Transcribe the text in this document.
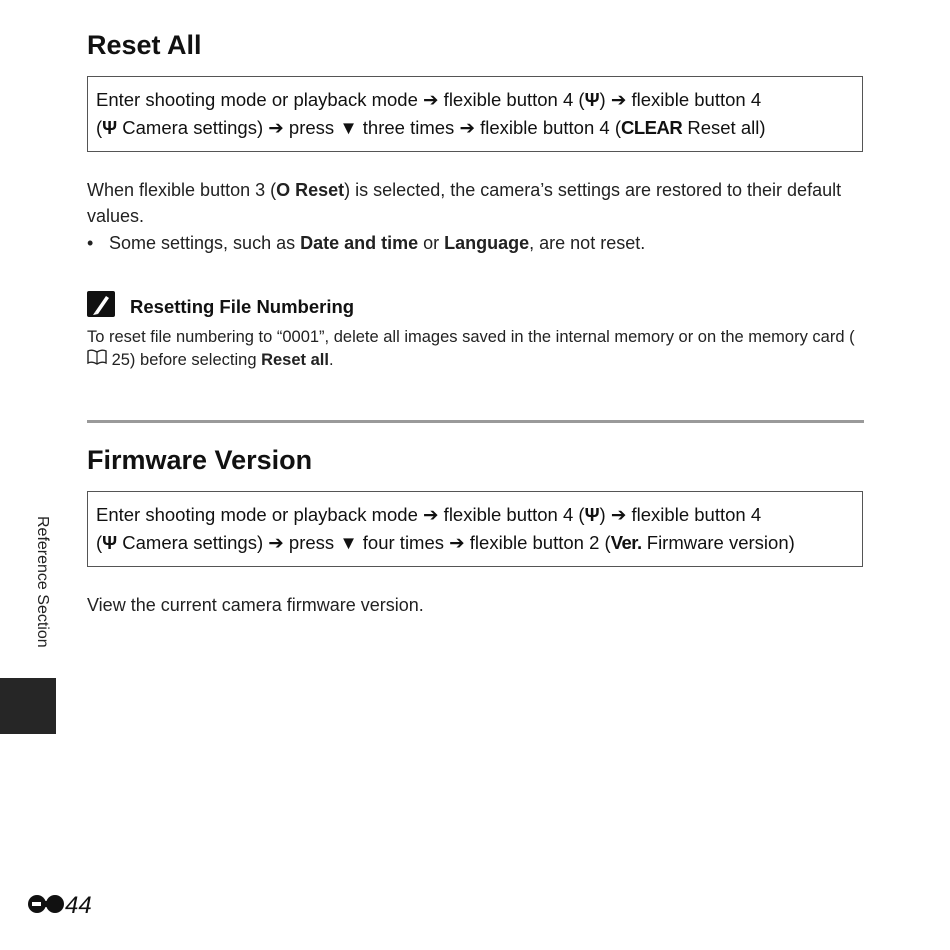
Reset All
Enter shooting mode or playback mode ➔ flexible button 4 (Ψ) ➔ flexible button 4
(Ψ Camera settings) ➔ press ▼ three times ➔ flexible button 4 (CLEAR Reset all)
When flexible button 3 (O Reset) is selected, the camera’s settings are restored to their default values.
• Some settings, such as Date and time or Language, are not reset.
Resetting File Numbering
To reset file numbering to “0001”, delete all images saved in the internal memory or on the memory card ( 25) before selecting Reset all.
Firmware Version
Enter shooting mode or playback mode ➔ flexible button 4 (Ψ) ➔ flexible button 4
(Ψ Camera settings) ➔ press ▼ four times ➔ flexible button 2 (Ver. Firmware version)
View the current camera firmware version.
Reference Section
44
